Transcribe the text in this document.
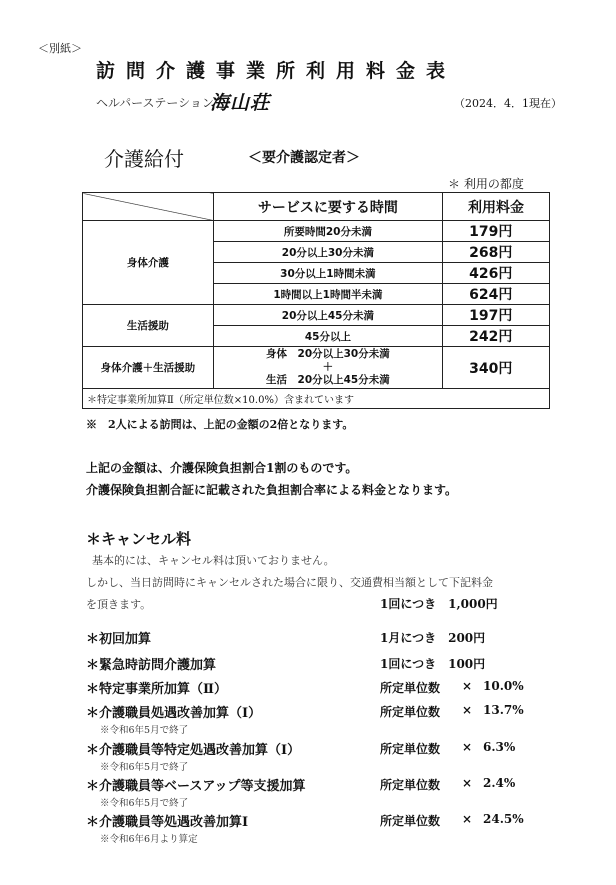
＜別紙＞
訪問介護事業所利用料金表
ヘルパーステーション
海山荘	（2024．4．1現在）
介護給付	＜要介護認定者＞
＊ 利用の都度
	サービスに要する時間	利用料金
身体介護	所要時間20分未満	179円
	20分以上30分未満	268円
	30分以上1時間未満	426円
	1時間以上1時間半未満	624円
生活援助	20分以上45分未満	197円
	45分以上	242円
身体介護＋生活援助	身体　20分以上30分未満
＋
生活　20分以上45分未満	340円
＊特定事業所加算Ⅱ（所定単位数×10.0%）含まれています		
※　2人による訪問は、上記の金額の2倍となります。
上記の金額は、介護保険負担割合1割のものです。
介護保険負担割合証に記載された負担割合率による料金となります。
＊キャンセル料
基本的には、キャンセル料は頂いておりません。
しかし、当日訪問時にキャンセルされた場合に限り、交通費相当額として下記料金
を頂きます。	1回につき　1,000円
＊初回加算	1月につき　200円
＊緊急時訪問介護加算	1回につき　100円
＊特定事業所加算（Ⅱ）	所定単位数 × 10.0%
＊介護職員処遇改善加算（Ⅰ）	所定単位数 × 13.7%
※令和6年5月で終了
＊介護職員等特定処遇改善加算（Ⅰ）	所定単位数 × 6.3%
※令和6年5月で終了
＊介護職員等ベースアップ等支援加算	所定単位数 × 2.4%
※令和6年5月で終了
＊介護職員等処遇改善加算Ⅰ	所定単位数 × 24.5%
※令和6年6月より算定
